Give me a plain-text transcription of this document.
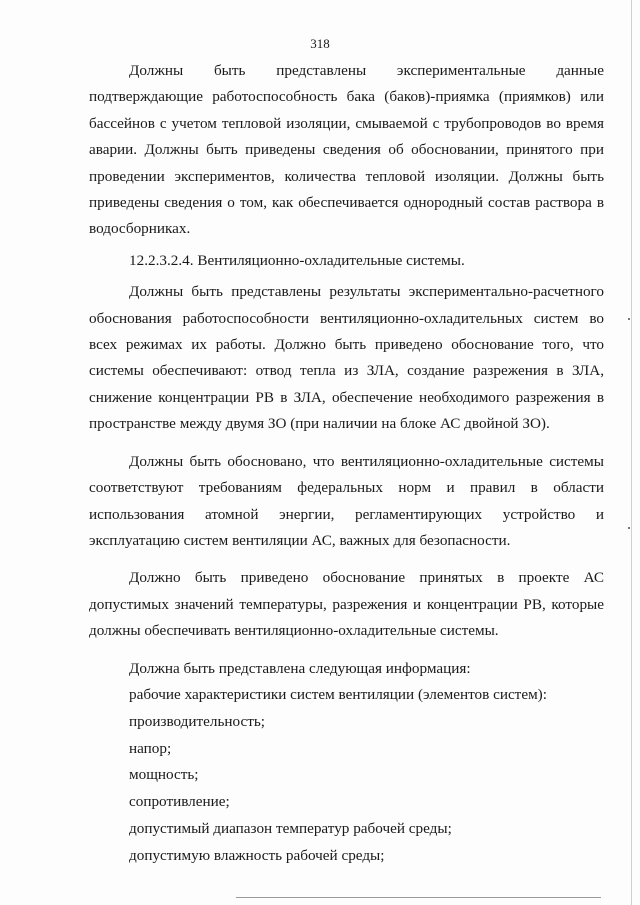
318

Должны быть представлены экспериментальные данные подтверждающие работоспособность бака (баков)-приямка (приямков) или бассейнов с учетом тепловой изоляции, смываемой с трубопроводов во время аварии. Должны быть приведены сведения об обосновании, принятого при проведении экспериментов, количества тепловой изоляции. Должны быть приведены сведения о том, как обеспечивается однородный состав раствора в водосборниках.

12.2.3.2.4. Вентиляционно-охладительные системы.

Должны быть представлены результаты экспериментально-расчетного обоснования работоспособности вентиляционно-охладительных систем во всех режимах их работы. Должно быть приведено обоснование того, что системы обеспечивают: отвод тепла из ЗЛА, создание разрежения в ЗЛА, снижение концентрации РВ в ЗЛА, обеспечение необходимого разрежения в пространстве между двумя ЗО (при наличии на блоке АС двойной ЗО).

Должны быть обосновано, что вентиляционно-охладительные системы соответствуют требованиям федеральных норм и правил в области использования атомной энергии, регламентирующих устройство и эксплуатацию систем вентиляции АС, важных для безопасности.

Должно быть приведено обоснование принятых в проекте АС допустимых значений температуры, разрежения и концентрации РВ, которые должны обеспечивать вентиляционно-охладительные системы.

Должна быть представлена следующая информация:

рабочие характеристики систем вентиляции (элементов систем):
производительность;
напор;
мощность;
сопротивление;
допустимый диапазон температур рабочей среды;
допустимую влажность рабочей среды;
